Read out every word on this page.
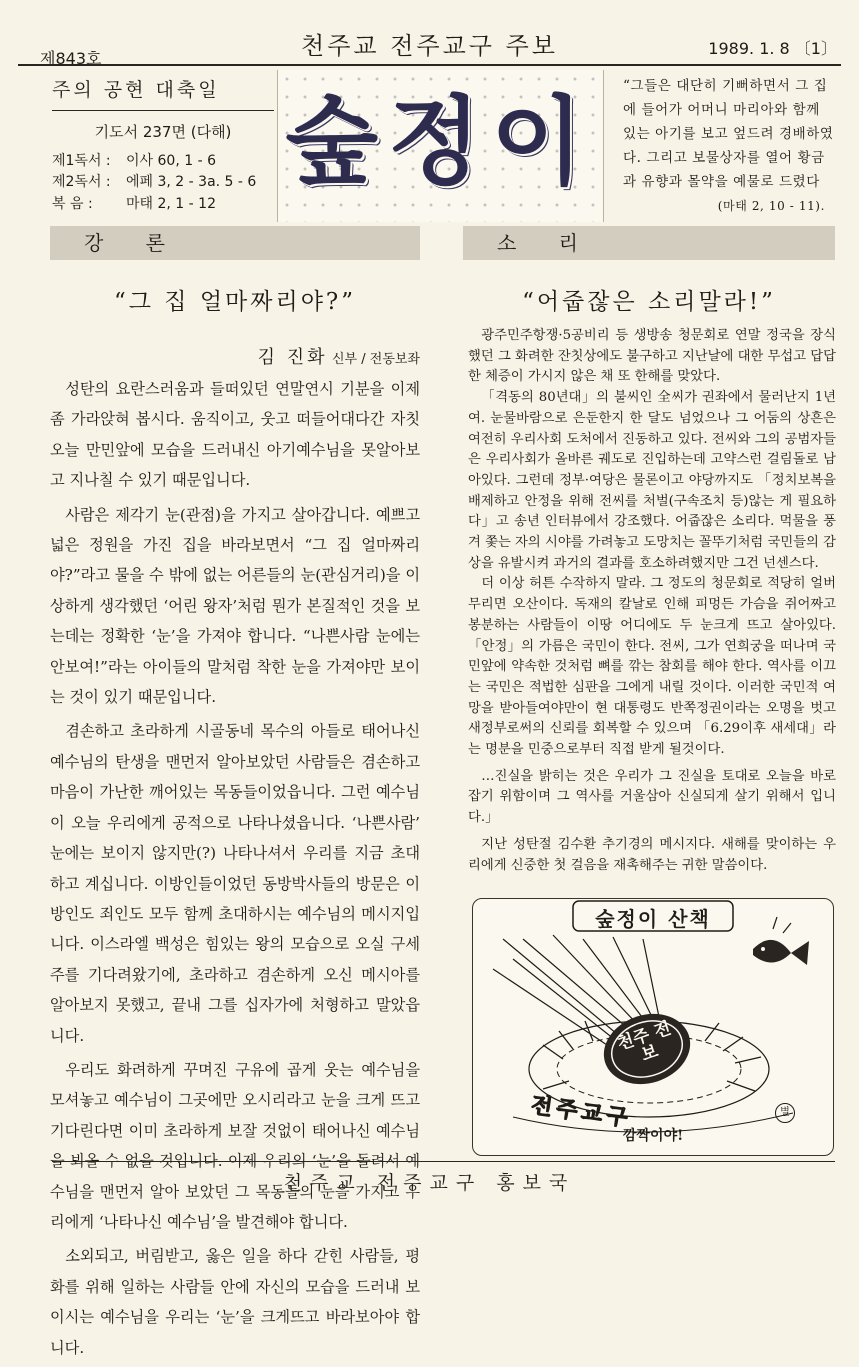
제843호	천주교 전주교구 주보	1989. 1. 8 〔1〕
주의 공현 대축일
기도서 237면 (다해)
제1독서 : 이사 60, 1 - 6
제2독서 : 에페 3, 2 - 3a. 5 - 6
복 음 : 마태 2, 1 - 12
숲정이	“그들은 대단히 기뻐하면서 그 집에 들어가 어머니 마리아와 함께 있는 아기를 보고 엎드려 경배하였다. 그리고 보물상자를 열어 황금과 유향과 몰약을 예물로 드렸다
(마태 2, 10 - 11).
강 론	소 리
“그 집 얼마짜리야?”
김 진화 신부 / 전동보좌

성탄의 요란스러움과 들떠있던 연말연시 기분을 이제 좀 가라앉혀 봅시다. 움직이고, 웃고 떠들어대다간 자칫 오늘 만민앞에 모습을 드러내신 아기예수님을 못알아보고 지나칠 수 있기 때문입니다.

사람은 제각기 눈(관점)을 가지고 살아갑니다. 예쁘고 넓은 정원을 가진 집을 바라보면서 “그 집 얼마짜리야?”라고 물을 수 밖에 없는 어른들의 눈(관심거리)을 이상하게 생각했던 ‘어린 왕자’처럼 뭔가 본질적인 것을 보는데는 정확한 ‘눈’을 가져야 합니다. “나쁜사람 눈에는 안보여!”라는 아이들의 말처럼 착한 눈을 가져야만 보이는 것이 있기 때문입니다.

겸손하고 초라하게 시골동네 목수의 아들로 태어나신 예수님의 탄생을 맨먼저 알아보았던 사람들은 겸손하고 마음이 가난한 깨어있는 목동들이었읍니다. 그런 예수님이 오늘 우리에게 공적으로 나타나셨읍니다. ‘나쁜사람’ 눈에는 보이지 않지만(?) 나타나셔서 우리를 지금 초대하고 계십니다. 이방인들이었던 동방박사들의 방문은 이방인도 죄인도 모두 함께 초대하시는 예수님의 메시지입니다. 이스라엘 백성은 힘있는 왕의 모습으로 오실 구세주를 기다려왔기에, 초라하고 겸손하게 오신 메시아를 알아보지 못했고, 끝내 그를 십자가에 처형하고 말았읍니다.

우리도 화려하게 꾸며진 구유에 곱게 웃는 예수님을 모셔놓고 예수님이 그곳에만 오시리라고 눈을 크게 뜨고 기다린다면 이미 초라하게 보잘 것없이 태어나신 예수님을 뵈올 수 없을 것입니다. 이제 우리의 ‘눈’을 돌려서 예수님을 맨먼저 알아 보았던 그 목동들의 눈을 가지고 우리에게 ‘나타나신 예수님’을 발견해야 합니다.

소외되고, 버림받고, 옳은 일을 하다 갇힌 사람들, 평화를 위해 일하는 사람들 안에 자신의 모습을 드러내 보이시는 예수님을 우리는 ‘눈’을 크게뜨고 바라보아야 합니다.

“어줍잖은 소리말라!”

광주민주항쟁·5공비리 등 생방송 청문회로 연말 정국을 장식했던 그 화려한 잔칫상에도 불구하고 지난날에 대한 무섭고 답답한 체증이 가시지 않은 채 또 한해를 맞았다.

「격동의 80년대」의 불씨인 全씨가 권좌에서 물러난지 1년여. 눈물바람으로 은둔한지 한 달도 넘었으나 그 어둠의 상흔은 여전히 우리사회 도처에서 진동하고 있다. 전씨와 그의 공범자들은 우리사회가 올바른 궤도로 진입하는데 고약스런 걸림돌로 남아있다. 그런데 정부·여당은 물론이고 야당까지도 「정치보복을 배제하고 안정을 위해 전씨를 처벌(구속조치 등)않는 게 필요하다」고 송년 인터뷰에서 강조했다. 어줍잖은 소리다. 먹물을 풍겨 쫓는 자의 시야를 가려놓고 도망치는 꼴뚜기처럼 국민들의 감상을 유발시켜 과거의 결과를 호소하려했지만 그건 넌센스다.

더 이상 허튼 수작하지 말라. 그 정도의 청문회로 적당히 얼버무리면 오산이다. 독재의 칼날로 인해 피멍든 가슴을 쥐어짜고 봉분하는 사람들이 이땅 어디에도 두 눈크게 뜨고 살아있다. 「안정」의 가름은 국민이 한다. 전씨, 그가 연희궁을 떠나며 국민앞에 약속한 것처럼 뼈를 깎는 참회를 해야 한다. 역사를 이끄는 국민은 적법한 심판을 그에게 내릴 것이다. 이러한 국민적 여망을 받아들여야만이 현 대통령도 반쪽정권이라는 오명을 벗고 새정부로써의 신뢰를 회복할 수 있으며 「6.29이후 새세대」라는 명분을 민중으로부터 직접 받게 될것이다.

…진실을 밝히는 것은 우리가 그 진실을 토대로 오늘을 바로잡기 위함이며 그 역사를 거울삼아 신실되게 살기 위해서 입니다.」

지난 성탄절 김수환 추기경의 메시지다. 새해를 맞이하는 우리에게 신중한 첫 걸음을 재촉해주는 귀한 말씀이다.

숲정이 산책
천주 전보
전주교구	별
깜짝이야!
천주교 전주교구 홍보국
